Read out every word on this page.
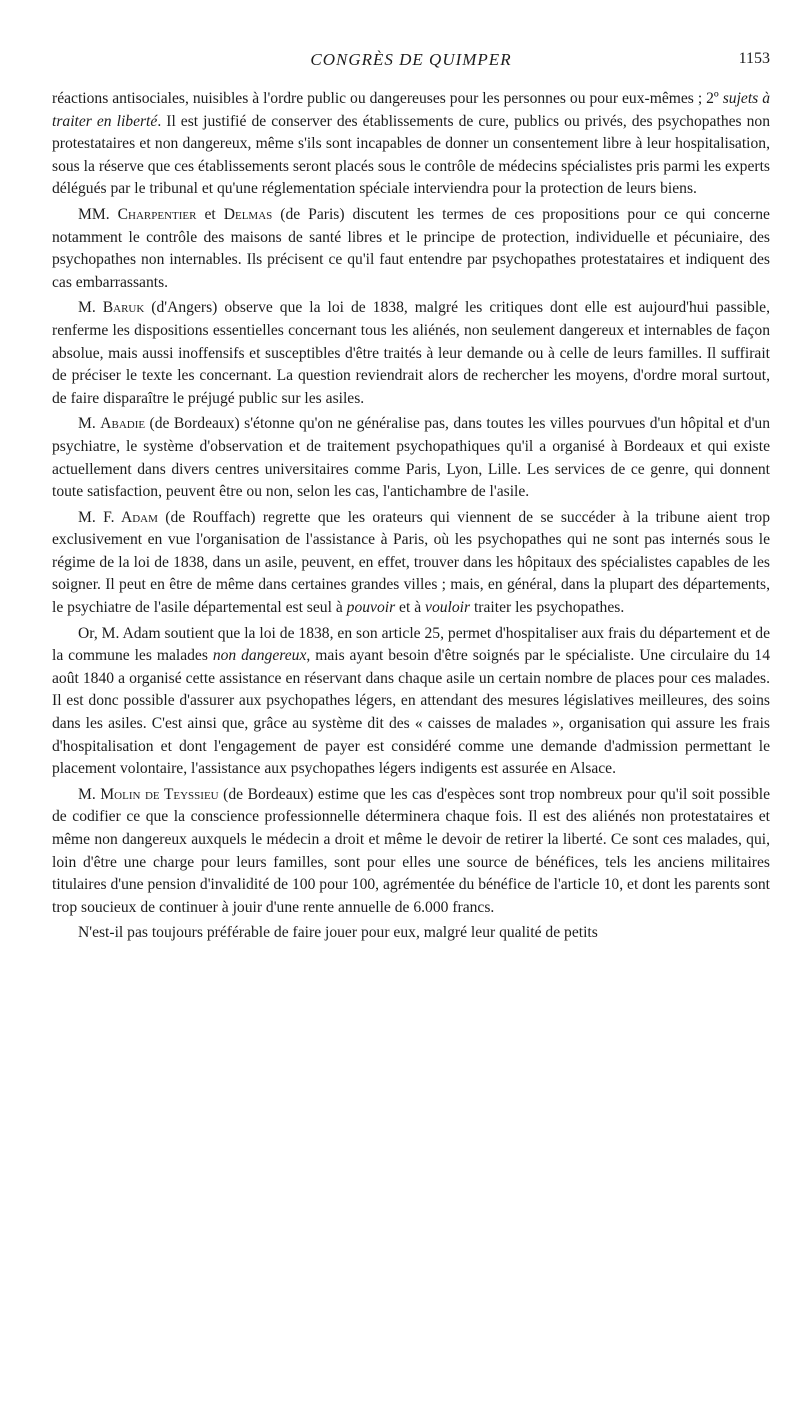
CONGRÈS DE QUIMPER	1153

réactions antisociales, nuisibles à l'ordre public ou dangereuses pour les personnes ou pour eux-mêmes ; 2º sujets à traiter en liberté. Il est justifié de conserver des établissements de cure, publics ou privés, des psychopathes non protestataires et non dangereux, même s'ils sont incapables de donner un consentement libre à leur hospitalisation, sous la réserve que ces établissements seront placés sous le contrôle de médecins spécialistes pris parmi les experts délégués par le tribunal et qu'une réglementation spéciale interviendra pour la protection de leurs biens.

MM. Charpentier et Delmas (de Paris) discutent les termes de ces propositions pour ce qui concerne notamment le contrôle des maisons de santé libres et le principe de protection, individuelle et pécuniaire, des psychopathes non internables. Ils précisent ce qu'il faut entendre par psychopathes protestataires et indiquent des cas embarrassants.

M. Baruk (d'Angers) observe que la loi de 1838, malgré les critiques dont elle est aujourd'hui passible, renferme les dispositions essentielles concernant tous les aliénés, non seulement dangereux et internables de façon absolue, mais aussi inoffensifs et susceptibles d'être traités à leur demande ou à celle de leurs familles. Il suffirait de préciser le texte les concernant. La question reviendrait alors de rechercher les moyens, d'ordre moral surtout, de faire disparaître le préjugé public sur les asiles.

M. Abadie (de Bordeaux) s'étonne qu'on ne généralise pas, dans toutes les villes pourvues d'un hôpital et d'un psychiatre, le système d'observation et de traitement psychopathiques qu'il a organisé à Bordeaux et qui existe actuellement dans divers centres universitaires comme Paris, Lyon, Lille. Les services de ce genre, qui donnent toute satisfaction, peuvent être ou non, selon les cas, l'antichambre de l'asile.

M. F. Adam (de Rouffach) regrette que les orateurs qui viennent de se succéder à la tribune aient trop exclusivement en vue l'organisation de l'assistance à Paris, où les psychopathes qui ne sont pas internés sous le régime de la loi de 1838, dans un asile, peuvent, en effet, trouver dans les hôpitaux des spécialistes capables de les soigner. Il peut en être de même dans certaines grandes villes ; mais, en général, dans la plupart des départements, le psychiatre de l'asile départemental est seul à pouvoir et à vouloir traiter les psychopathes.

Or, M. Adam soutient que la loi de 1838, en son article 25, permet d'hospitaliser aux frais du département et de la commune les malades non dangereux, mais ayant besoin d'être soignés par le spécialiste. Une circulaire du 14 août 1840 a organisé cette assistance en réservant dans chaque asile un certain nombre de places pour ces malades. Il est donc possible d'assurer aux psychopathes légers, en attendant des mesures législatives meilleures, des soins dans les asiles. C'est ainsi que, grâce au système dit des « caisses de malades », organisation qui assure les frais d'hospitalisation et dont l'engagement de payer est considéré comme une demande d'admission permettant le placement volontaire, l'assistance aux psychopathes légers indigents est assurée en Alsace.

M. Molin de Teyssieu (de Bordeaux) estime que les cas d'espèces sont trop nombreux pour qu'il soit possible de codifier ce que la conscience professionnelle déterminera chaque fois. Il est des aliénés non protestataires et même non dangereux auxquels le médecin a droit et même le devoir de retirer la liberté. Ce sont ces malades, qui, loin d'être une charge pour leurs familles, sont pour elles une source de bénéfices, tels les anciens militaires titulaires d'une pension d'invalidité de 100 pour 100, agrémentée du bénéfice de l'article 10, et dont les parents sont trop soucieux de continuer à jouir d'une rente annuelle de 6.000 francs.

N'est-il pas toujours préférable de faire jouer pour eux, malgré leur qualité de petits
